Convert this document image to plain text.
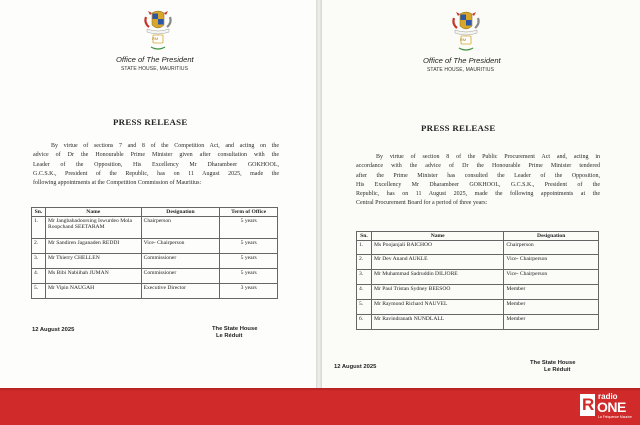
RM
Office of The President
STATE HOUSE, MAURITIUS
PRESS RELEASE
By virtue of sections 7 and 8 of the Competition Act, and acting on the
advice of Dr the Honourable Prime Minister given after consultation with the
Leader of the Opposition, His Excellency Mr Dharambeer GOKHOOL,
G.C.S.K., President of the Republic, has on 11 August 2025, made the
following appointments at the Competition Commission of Mauritius:
Sn.	Name	Designation	Term of Office
1.	Mr Jangbahadoorsing Iswurdeo Mola Roopchand SEETARAM	Chairperson	5 years
2.	Mr Sandiren Jaganaden REDDI	Vice- Chairperson	5 years
3.	Mr Thierry CHELLEN	Commissioner	5 years
4.	Ms Bibi Nabiihah JUMAN	Commissioner	5 years
5.	Mr Vipin NAUGAH	Executive Director	3 years
12 August 2025	The State House
Le Réduit
RM
Office of The President
STATE HOUSE, MAURITIUS
PRESS RELEASE
By virtue of section 8 of the Public Procurement Act and, acting in
accordance with the advice of Dr the Honourable Prime Minister tendered
after the Prime Minister has consulted the Leader of the Opposition,
His Excellency Mr Dharambeer GOKHOOL, G.C.S.K., President of the
Republic, has on 11 August 2025, made the following appointments at the
Central Procurement Board for a period of three years:
Sn.	Name	Designation
1.	Ms Poojanjali BAICHOO	Chairperson
2.	Mr Dev Anand AUKLE	Vice- Chairperson
3.	Mr Muhammad Sadruddin DILJORE	Vice- Chairperson
4.	Mr Paul Tristan Sydney BEESOO	Member
5.	Mr Raymond Richard NAUVEL	Member
6.	Mr Ravindranath NUNDLALL	Member
12 August 2025
The State House
Le Réduit
R radio
ONE
La Fréquence Maurice
